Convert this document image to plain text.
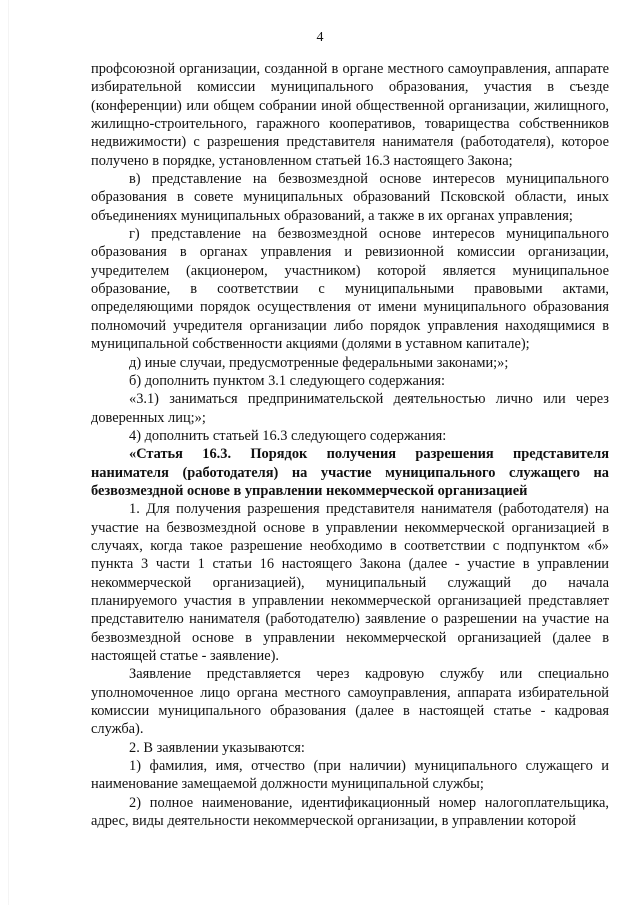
4

профсоюзной организации, созданной в органе местного самоуправления, аппарате избирательной комиссии муниципального образования, участия в съезде (конференции) или общем собрании иной общественной организации, жилищного, жилищно-строительного, гаражного кооперативов, товарищества собственников недвижимости) с разрешения представителя нанимателя (работодателя), которое получено в порядке, установленном статьей 16.3 настоящего Закона;

в) представление на безвозмездной основе интересов муниципального образования в совете муниципальных образований Псковской области, иных объединениях муниципальных образований, а также в их органах управления;

г) представление на безвозмездной основе интересов муниципального образования в органах управления и ревизионной комиссии организации, учредителем (акционером, участником) которой является муниципальное образование, в соответствии с муниципальными правовыми актами, определяющими порядок осуществления от имени муниципального образования полномочий учредителя организации либо порядок управления находящимися в муниципальной собственности акциями (долями в уставном капитале);

д) иные случаи, предусмотренные федеральными законами;»;

б) дополнить пунктом 3.1 следующего содержания:

«3.1) заниматься предпринимательской деятельностью лично или через доверенных лиц;»;

4) дополнить статьей 16.3 следующего содержания:

«Статья 16.3. Порядок получения разрешения представителя нанимателя (работодателя) на участие муниципального служащего на безвозмездной основе в управлении некоммерческой организацией

1. Для получения разрешения представителя нанимателя (работодателя) на участие на безвозмездной основе в управлении некоммерческой организацией в случаях, когда такое разрешение необходимо в соответствии с подпунктом «б» пункта 3 части 1 статьи 16 настоящего Закона (далее - участие в управлении некоммерческой организацией), муниципальный служащий до начала планируемого участия в управлении некоммерческой организацией представляет представителю нанимателя (работодателю) заявление о разрешении на участие на безвозмездной основе в управлении некоммерческой организацией (далее в настоящей статье - заявление).

Заявление представляется через кадровую службу или специально уполномоченное лицо органа местного самоуправления, аппарата избирательной комиссии муниципального образования (далее в настоящей статье - кадровая служба).

2. В заявлении указываются:

1) фамилия, имя, отчество (при наличии) муниципального служащего и наименование замещаемой должности муниципальной службы;

2) полное наименование, идентификационный номер налогоплательщика, адрес, виды деятельности некоммерческой организации, в управлении которой
